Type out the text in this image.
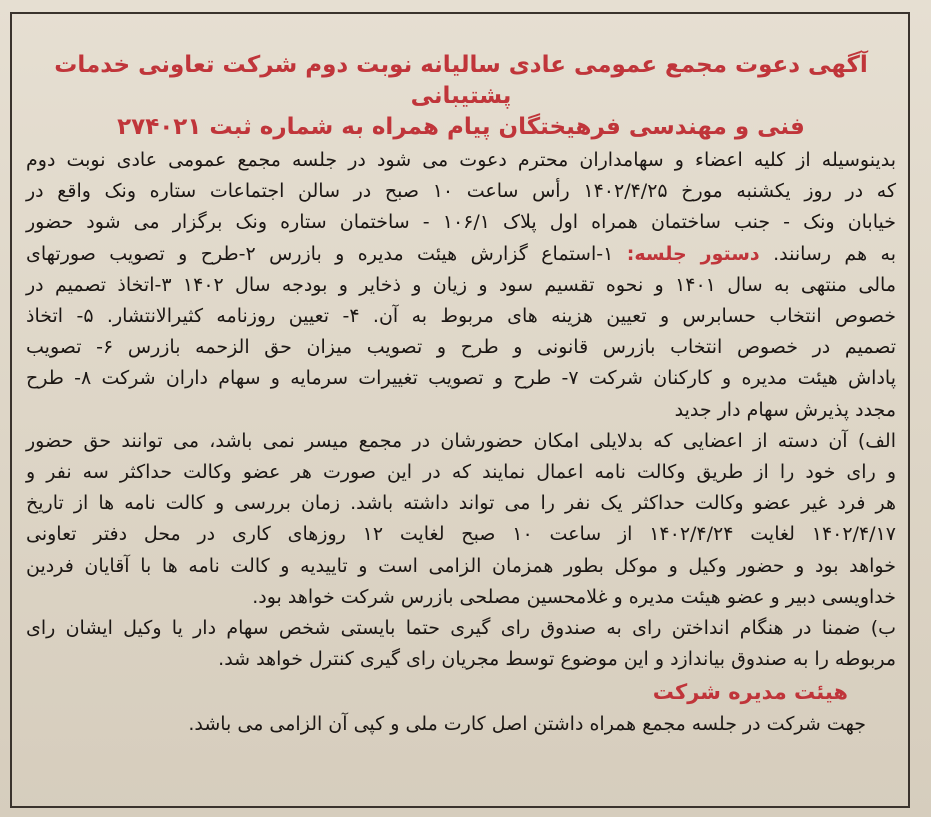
آگهی دعوت مجمع عمومی عادی سالیانه نوبت دوم شرکت تعاونی خدمات پشتیبانی
فنی و مهندسی فرهیختگان پیام همراه به شماره ثبت ۲۷۴۰۲۱
بدینوسیله از کلیه اعضاء و سهامداران محترم دعوت می شود در جلسه مجمع عمومی عادی نوبت دوم
که در روز یکشنبه مورخ ۱۴۰۲/۴/۲۵ رأس ساعت ۱۰ صبح در سالن اجتماعات ستاره ونک واقع در
خیابان ونک - جنب ساختمان همراه اول پلاک ۱۰۶/۱ - ساختمان ستاره ونک برگزار می شود حضور
به هم رسانند. دستور جلسه: ۱-استماع گزارش هیئت مدیره و بازرس ۲-طرح و تصویب صورتهای
مالی منتهی به سال ۱۴۰۱ و نحوه تقسیم سود و زیان و ذخایر و بودجه سال ۱۴۰۲ ۳-اتخاذ تصمیم در
خصوص انتخاب حسابرس و تعیین هزینه های مربوط به آن. ۴- تعیین روزنامه کثیرالانتشار. ۵- اتخاذ
تصمیم در خصوص انتخاب بازرس قانونی و طرح و تصویب میزان حق الزحمه بازرس ۶- تصویب
پاداش هیئت مدیره و کارکنان شرکت ۷- طرح و تصویب تغییرات سرمایه و سهام داران شرکت ۸- طرح
مجدد پذیرش سهام دار جدید
الف) آن دسته از اعضایی که بدلایلی امکان حضورشان در مجمع میسر نمی باشد، می توانند حق حضور
و رای خود را از طریق وکالت نامه اعمال نمایند که در این صورت هر عضو وکالت حداکثر سه نفر و
هر فرد غیر عضو وکالت حداکثر یک نفر را می تواند داشته باشد. زمان بررسی و کالت نامه ها از تاریخ
۱۴۰۲/۴/۱۷ لغایت ۱۴۰۲/۴/۲۴ از ساعت ۱۰ صبح لغایت ۱۲ روزهای کاری در محل دفتر تعاونی
خواهد بود و حضور وکیل و موکل بطور همزمان الزامی است و تاییدیه و کالت نامه ها با آقایان فردین
خداویسی دبیر و عضو هیئت مدیره و غلامحسین مصلحی بازرس شرکت خواهد بود.
ب) ضمنا در هنگام انداختن رای به صندوق رای گیری حتما بایستی شخص سهام دار یا وکیل ایشان رای
مربوطه را به صندوق بیاندازد و این موضوع توسط مجریان رای گیری کنترل خواهد شد.
هیئت مدیره شرکت
جهت شرکت در جلسه مجمع همراه داشتن اصل کارت ملی و کپی آن الزامی می باشد.
